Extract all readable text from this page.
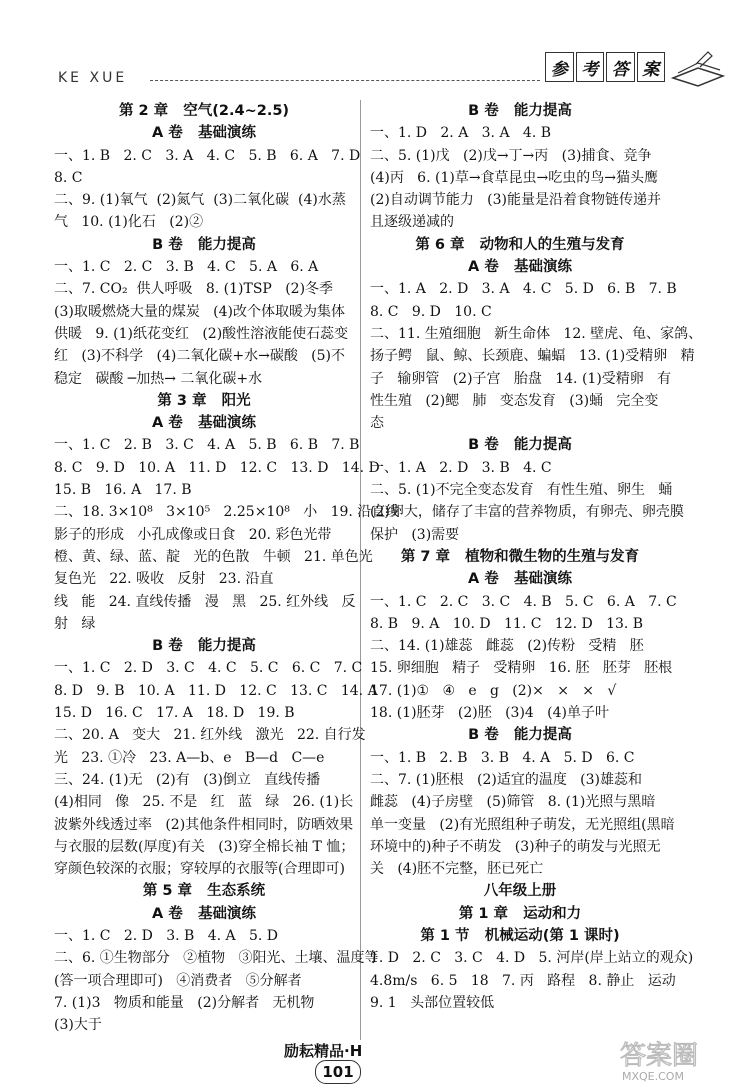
KE XUE	参 考 答 案
第 2 章   空气(2.4~2.5)
A 卷   基础演练
一、1. B   2. C   3. A   4. C   5. B   6. A   7. D
8. C
二、9. (1)氧气  (2)氮气  (3)二氧化碳  (4)水蒸
气   10. (1)化石   (2)②
B 卷   能力提高
一、1. C   2. C   3. B   4. C   5. A   6. A
二、7. CO₂  供人呼吸   8. (1)TSP   (2)冬季
(3)取暖燃烧大量的煤炭   (4)改个体取暖为集体
供暖   9. (1)纸花变红   (2)酸性溶液能使石蕊变
红   (3)不科学   (4)二氧化碳+水→碳酸   (5)不
稳定   碳酸 ─加热→ 二氧化碳+水
第 3 章   阳光
A 卷   基础演练
一、1. C   2. B   3. C   4. A   5. B   6. B   7. B
8. C   9. D   10. A   11. D   12. C   13. D   14. D
15. B   16. A   17. B
二、18. 3×10⁸   3×10⁵   2.25×10⁸   小   19. 沿直线
影子的形成   小孔成像或日食   20. 彩色光带
橙、黄、绿、蓝、靛   光的色散   牛顿   21. 单色光
复色光   22. 吸收   反射   23. 沿直
线   能   24. 直线传播   漫   黑   25. 红外线   反
射   绿
B 卷   能力提高
一、1. C   2. D   3. C   4. C   5. C   6. C   7. C
8. D   9. B   10. A   11. D   12. C   13. C   14. A
15. D   16. C   17. A   18. D   19. B
二、20. A   变大   21. 红外线   激光   22. 自行发
光   23. ①冷   23. A—b、e   B—d   C—e
三、24. (1)无   (2)有   (3)倒立   直线传播
(4)相同   像   25. 不是   红   蓝   绿   26. (1)长
波紫外线透过率   (2)其他条件相同时，防晒效果
与衣服的层数(厚度)有关   (3)穿全棉长袖 T 恤；
穿颜色较深的衣服；穿较厚的衣服等(合理即可)
第 5 章   生态系统
A 卷   基础演练
一、1. C   2. D   3. B   4. A   5. D
二、6. ①生物部分   ②植物   ③阳光、土壤、温度等
(答一项合理即可)   ④消费者   ⑤分解者
7. (1)3   物质和能量   (2)分解者   无机物
(3)大于
B 卷   能力提高
一、1. D   2. A   3. A   4. B
二、5. (1)戊   (2)戊→丁→丙   (3)捕食、竞争
(4)丙   6. (1)草→食草昆虫→吃虫的鸟→猫头鹰
(2)自动调节能力   (3)能量是沿着食物链传递并
且逐级递减的
第 6 章   动物和人的生殖与发育
A 卷   基础演练
一、1. A   2. D   3. A   4. C   5. D   6. B   7. B
8. C   9. D   10. C
二、11. 生殖细胞   新生命体   12. 壁虎、龟、家鸽、
扬子鳄   鼠、鲸、长颈鹿、蝙蝠   13. (1)受精卵   精
子   输卵管   (2)子宫   胎盘   14. (1)受精卵   有
性生殖   (2)鳃   肺   变态发育   (3)蛹   完全变
态
B 卷   能力提高
一、1. A   2. D   3. B   4. C
二、5. (1)不完全变态发育   有性生殖、卵生   蛹
(2)卵大，储存了丰富的营养物质，有卵壳、卵壳膜
保护   (3)需要
第 7 章   植物和微生物的生殖与发育
A 卷   基础演练
一、1. C   2. C   3. C   4. B   5. C   6. A   7. C
8. B   9. A   10. D   11. C   12. D   13. B
二、14. (1)雄蕊   雌蕊   (2)传粉   受精   胚
15. 卵细胞   精子   受精卵   16. 胚   胚芽   胚根
17. (1)①   ④   e   g   (2)×   ×   ×   √
18. (1)胚芽   (2)胚   (3)4   (4)单子叶
B 卷   能力提高
一、1. B   2. B   3. B   4. A   5. D   6. C
二、7. (1)胚根   (2)适宜的温度   (3)雄蕊和
雌蕊   (4)子房壁   (5)筛管   8. (1)光照与黑暗
单一变量   (2)有光照组种子萌发，无光照组(黑暗
环境中的)种子不萌发   (3)种子的萌发与光照无
关   (4)胚不完整，胚已死亡
八年级上册
第 1 章   运动和力
第 1 节   机械运动(第 1 课时)
1. D   2. C   3. C   4. D   5. 河岸(岸上站立的观众)
4.8m/s   6. 5   18   7. 丙   路程   8. 静止   运动
9. 1   头部位置较低
励耘精品·H
101
答案圈
MXQE.COM
